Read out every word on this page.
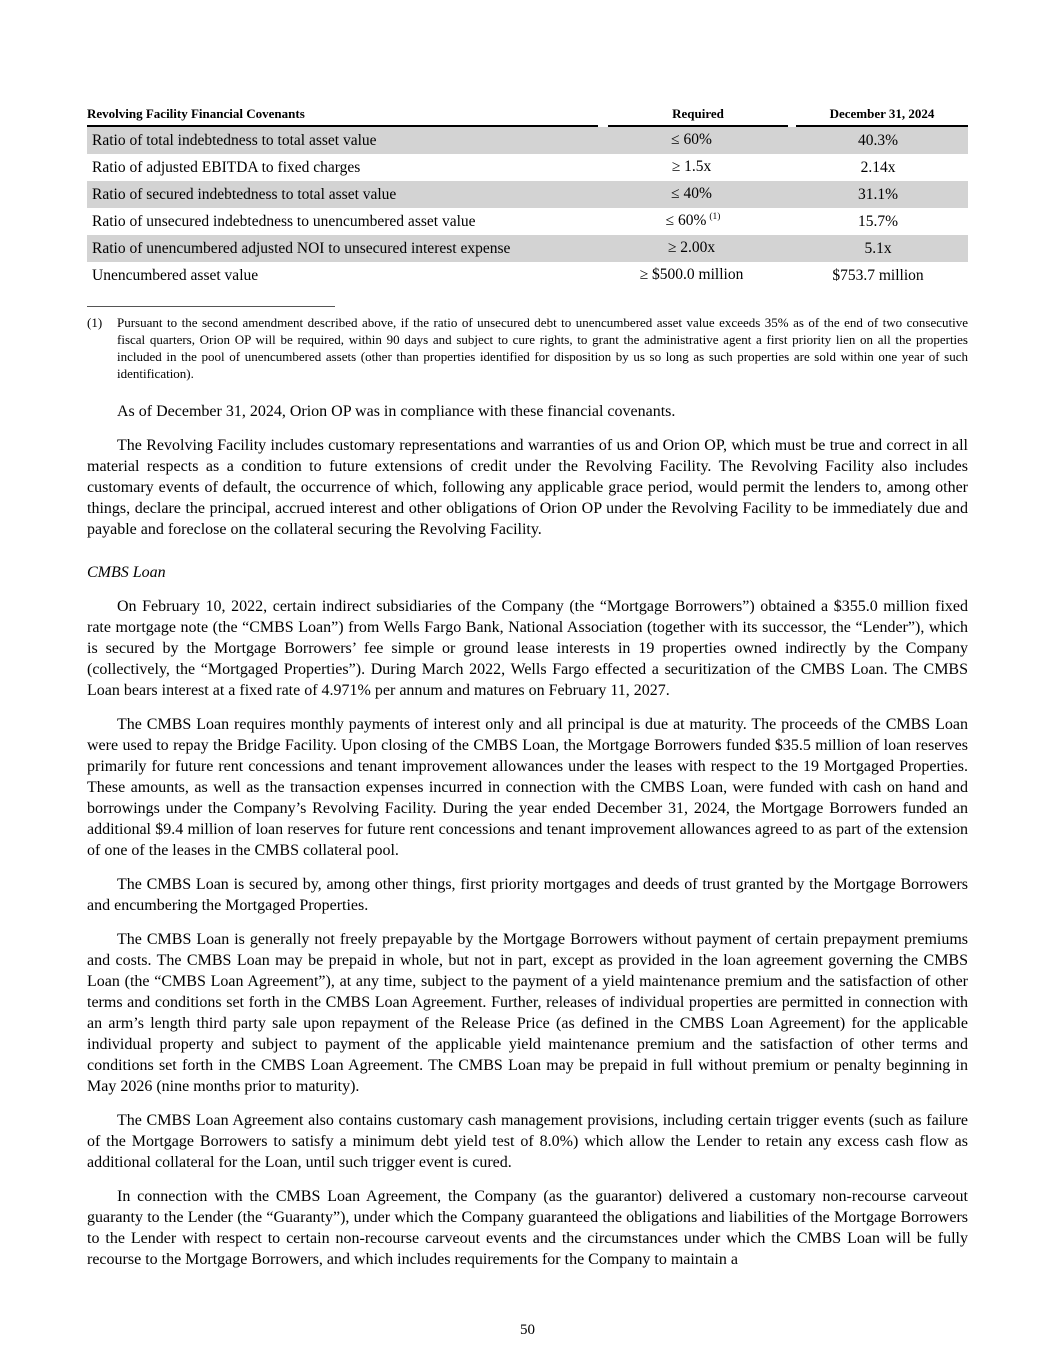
Revolving Facility Financial Covenants	Required	December 31, 2024

Ratio of total indebtedness to total asset value	≤ 60%	40.3%
Ratio of adjusted EBITDA to fixed charges	≥ 1.5x	2.14x
Ratio of secured indebtedness to total asset value	≤ 40%	31.1%
Ratio of unsecured indebtedness to unencumbered asset value	≤ 60% $^{(1)}$	15.7%
Ratio of unencumbered adjusted NOI to unsecured interest expense	≥ 2.00x	5.1x
Unencumbered asset value	≥ $500.0 million	$753.7 million
(1) Pursuant to the second amendment described above, if the ratio of unsecured debt to unencumbered asset value exceeds 35% as of the end of two consecutive fiscal quarters, Orion OP will be required, within 90 days and subject to cure rights, to grant the administrative agent a first priority lien on all the properties included in the pool of unencumbered assets (other than properties identified for disposition by us so long as such properties are sold within one year of such identification).

As of December 31, 2024, Orion OP was in compliance with these financial covenants.

The Revolving Facility includes customary representations and warranties of us and Orion OP, which must be true and correct in all material respects as a condition to future extensions of credit under the Revolving Facility. The Revolving Facility also includes customary events of default, the occurrence of which, following any applicable grace period, would permit the lenders to, among other things, declare the principal, accrued interest and other obligations of Orion OP under the Revolving Facility to be immediately due and payable and foreclose on the collateral securing the Revolving Facility.

CMBS Loan

On February 10, 2022, certain indirect subsidiaries of the Company (the “Mortgage Borrowers”) obtained a $355.0 million fixed rate mortgage note (the “CMBS Loan”) from Wells Fargo Bank, National Association (together with its successor, the “Lender”), which is secured by the Mortgage Borrowers’ fee simple or ground lease interests in 19 properties owned indirectly by the Company (collectively, the “Mortgaged Properties”). During March 2022, Wells Fargo effected a securitization of the CMBS Loan. The CMBS Loan bears interest at a fixed rate of 4.971% per annum and matures on February 11, 2027.

The CMBS Loan requires monthly payments of interest only and all principal is due at maturity. The proceeds of the CMBS Loan were used to repay the Bridge Facility. Upon closing of the CMBS Loan, the Mortgage Borrowers funded $35.5 million of loan reserves primarily for future rent concessions and tenant improvement allowances under the leases with respect to the 19 Mortgaged Properties. These amounts, as well as the transaction expenses incurred in connection with the CMBS Loan, were funded with cash on hand and borrowings under the Company’s Revolving Facility. During the year ended December 31, 2024, the Mortgage Borrowers funded an additional $9.4 million of loan reserves for future rent concessions and tenant improvement allowances agreed to as part of the extension of one of the leases in the CMBS collateral pool.

The CMBS Loan is secured by, among other things, first priority mortgages and deeds of trust granted by the Mortgage Borrowers and encumbering the Mortgaged Properties.

The CMBS Loan is generally not freely prepayable by the Mortgage Borrowers without payment of certain prepayment premiums and costs. The CMBS Loan may be prepaid in whole, but not in part, except as provided in the loan agreement governing the CMBS Loan (the “CMBS Loan Agreement”), at any time, subject to the payment of a yield maintenance premium and the satisfaction of other terms and conditions set forth in the CMBS Loan Agreement. Further, releases of individual properties are permitted in connection with an arm’s length third party sale upon repayment of the Release Price (as defined in the CMBS Loan Agreement) for the applicable individual property and subject to payment of the applicable yield maintenance premium and the satisfaction of other terms and conditions set forth in the CMBS Loan Agreement. The CMBS Loan may be prepaid in full without premium or penalty beginning in May 2026 (nine months prior to maturity).

The CMBS Loan Agreement also contains customary cash management provisions, including certain trigger events (such as failure of the Mortgage Borrowers to satisfy a minimum debt yield test of 8.0%) which allow the Lender to retain any excess cash flow as additional collateral for the Loan, until such trigger event is cured.

In connection with the CMBS Loan Agreement, the Company (as the guarantor) delivered a customary non-recourse carveout guaranty to the Lender (the “Guaranty”), under which the Company guaranteed the obligations and liabilities of the Mortgage Borrowers to the Lender with respect to certain non-recourse carveout events and the circumstances under which the CMBS Loan will be fully recourse to the Mortgage Borrowers, and which includes requirements for the Company to maintain a

50
